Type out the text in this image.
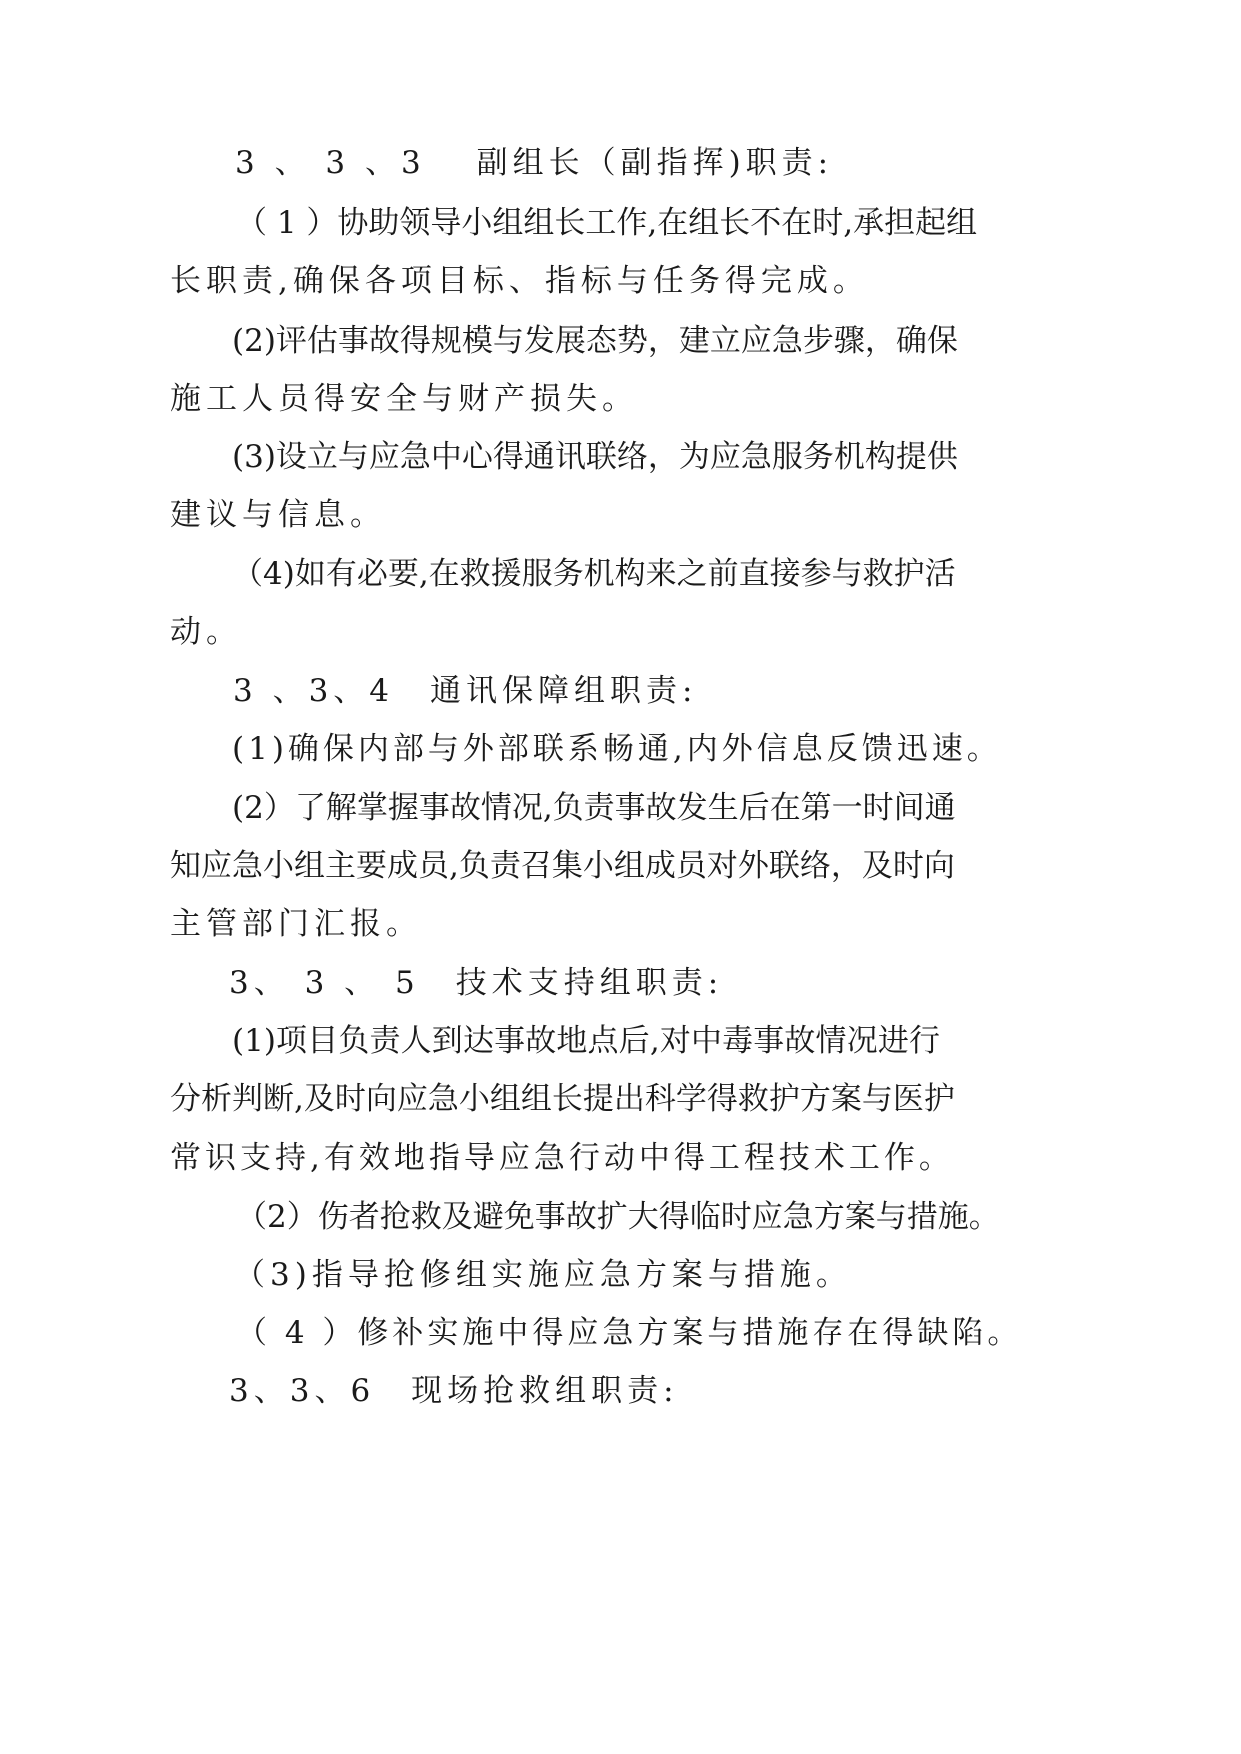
3 、 3 、3　 副组长（副指挥)职责:
（ 1 ）协助领导小组组长工作,在组长不在时,承担起组
长职责,确保各项目标、指标与任务得完成。
(2)评估事故得规模与发展态势，建立应急步骤，确保
施工人员得安全与财产损失。
(3)设立与应急中心得通讯联络，为应急服务机构提供
建议与信息。
（4)如有必要,在救援服务机构来之前直接参与救护活
动。
3 、3、4　通讯保障组职责:
(1)确保内部与外部联系畅通,内外信息反馈迅速。
(2）了解掌握事故情况,负责事故发生后在第一时间通
知应急小组主要成员,负责召集小组成员对外联络，及时向
主管部门汇报。
3、 3 、 5　技术支持组职责:
(1)项目负责人到达事故地点后,对中毒事故情况进行
分析判断,及时向应急小组组长提出科学得救护方案与医护
常识支持,有效地指导应急行动中得工程技术工作。
（2）伤者抢救及避免事故扩大得临时应急方案与措施。
（3)指导抢修组实施应急方案与措施。
（ 4 ）修补实施中得应急方案与措施存在得缺陷。
3、3、6　现场抢救组职责:
